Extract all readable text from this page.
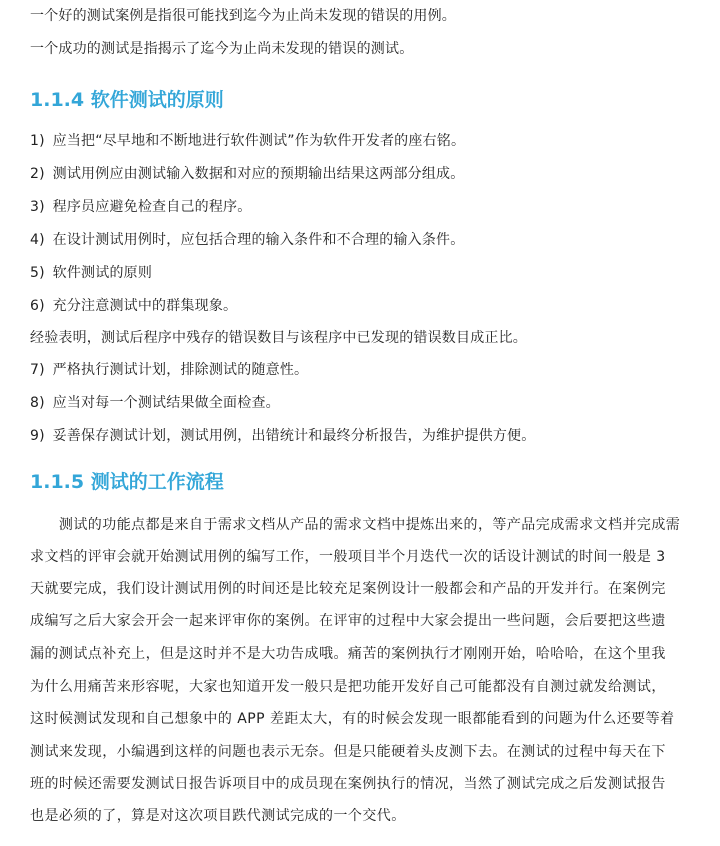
一个好的测试案例是指很可能找到迄今为止尚未发现的错误的用例。
一个成功的测试是指揭示了迄今为止尚未发现的错误的测试。
1.1.4 软件测试的原则
1) 应当把“尽早地和不断地进行软件测试”作为软件开发者的座右铭。
2) 测试用例应由测试输入数据和对应的预期输出结果这两部分组成。
3) 程序员应避免检查自己的程序。
4) 在设计测试用例时，应包括合理的输入条件和不合理的输入条件。
5) 软件测试的原则
6) 充分注意测试中的群集现象。
经验表明，测试后程序中残存的错误数目与该程序中已发现的错误数目成正比。
7) 严格执行测试计划，排除测试的随意性。
8) 应当对每一个测试结果做全面检查。
9) 妥善保存测试计划，测试用例，出错统计和最终分析报告，为维护提供方便。
1.1.5 测试的工作流程
　　测试的功能点都是来自于需求文档从产品的需求文档中提炼出来的，等产品完成需求文档并完成需
求文档的评审会就开始测试用例的编写工作，一般项目半个月迭代一次的话设计测试的时间一般是 3
天就要完成，我们设计测试用例的时间还是比较充足案例设计一般都会和产品的开发并行。在案例完
成编写之后大家会开会一起来评审你的案例。在评审的过程中大家会提出一些问题，会后要把这些遗
漏的测试点补充上，但是这时并不是大功告成哦。痛苦的案例执行才刚刚开始，哈哈哈，在这个里我
为什么用痛苦来形容呢，大家也知道开发一般只是把功能开发好自己可能都没有自测过就发给测试，
这时候测试发现和自己想象中的 APP 差距太大，有的时候会发现一眼都能看到的问题为什么还要等着
测试来发现，小编遇到这样的问题也表示无奈。但是只能硬着头皮测下去。在测试的过程中每天在下
班的时候还需要发测试日报告诉项目中的成员现在案例执行的情况，当然了测试完成之后发测试报告
也是必须的了，算是对这次项目跌代测试完成的一个交代。
